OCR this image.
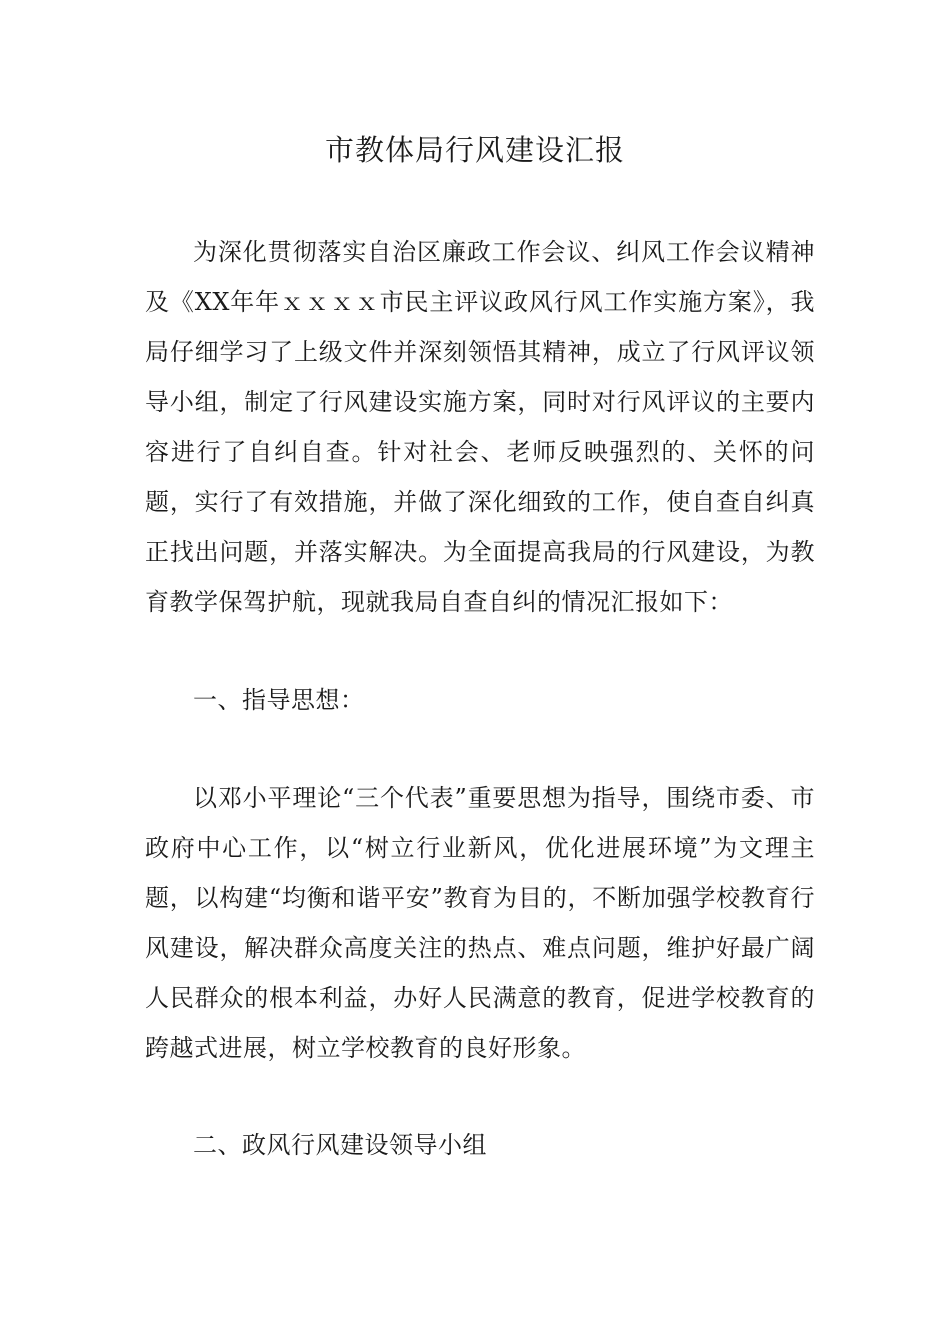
市教体局行风建设汇报

为深化贯彻落实自治区廉政工作会议、纠风工作会议精神及《XX年年ｘｘｘｘ市民主评议政风行风工作实施方案》，我局仔细学习了上级文件并深刻领悟其精神，成立了行风评议领导小组，制定了行风建设实施方案，同时对行风评议的主要内容进行了自纠自查。针对社会、老师反映强烈的、关怀的问题，实行了有效措施，并做了深化细致的工作，使自查自纠真正找出问题，并落实解决。为全面提高我局的行风建设，为教育教学保驾护航，现就我局自查自纠的情况汇报如下：

一、指导思想：

以邓小平理论“三个代表”重要思想为指导，围绕市委、市政府中心工作，以“树立行业新风，优化进展环境”为文理主题，以构建“均衡和谐平安”教育为目的，不断加强学校教育行风建设，解决群众高度关注的热点、难点问题，维护好最广阔人民群众的根本利益，办好人民满意的教育，促进学校教育的跨越式进展，树立学校教育的良好形象。

二、政风行风建设领导小组
